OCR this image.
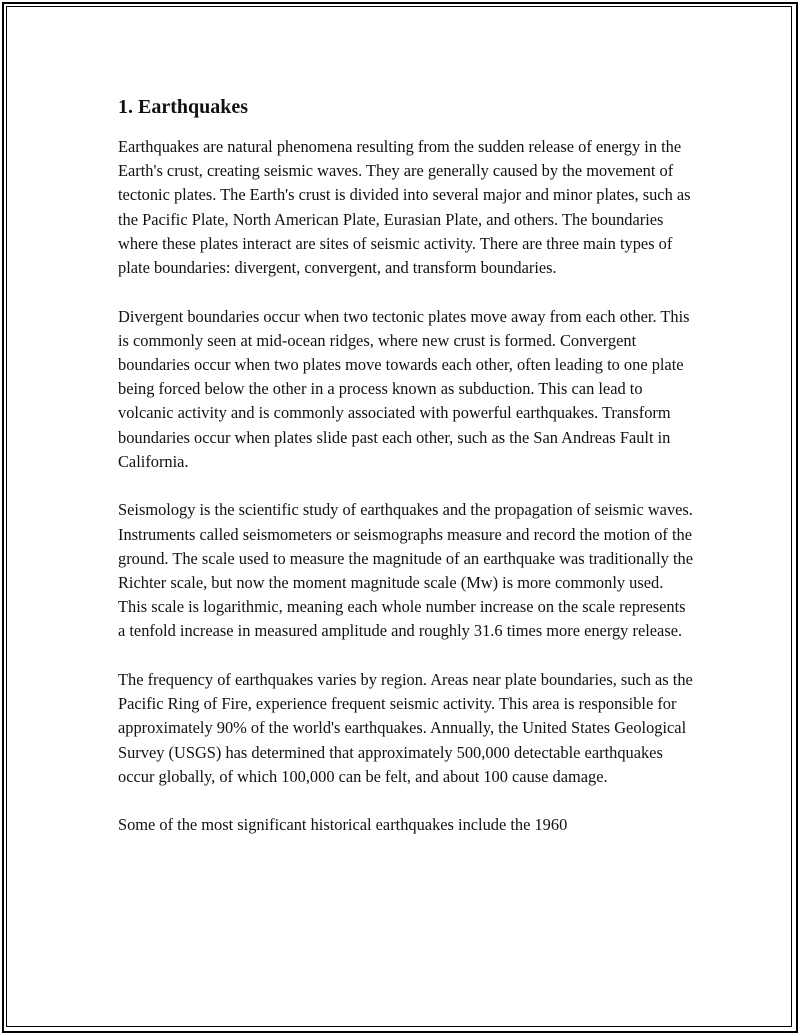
1. Earthquakes

Earthquakes are natural phenomena resulting from the sudden release of energy in the Earth's crust, creating seismic waves. They are generally caused by the movement of tectonic plates. The Earth's crust is divided into several major and minor plates, such as the Pacific Plate, North American Plate, Eurasian Plate, and others. The boundaries where these plates interact are sites of seismic activity. There are three main types of plate boundaries: divergent, convergent, and transform boundaries.

Divergent boundaries occur when two tectonic plates move away from each other. This is commonly seen at mid-ocean ridges, where new crust is formed. Convergent boundaries occur when two plates move towards each other, often leading to one plate being forced below the other in a process known as subduction. This can lead to volcanic activity and is commonly associated with powerful earthquakes. Transform boundaries occur when plates slide past each other, such as the San Andreas Fault in California.

Seismology is the scientific study of earthquakes and the propagation of seismic waves. Instruments called seismometers or seismographs measure and record the motion of the ground. The scale used to measure the magnitude of an earthquake was traditionally the Richter scale, but now the moment magnitude scale (Mw) is more commonly used. This scale is logarithmic, meaning each whole number increase on the scale represents a tenfold increase in measured amplitude and roughly 31.6 times more energy release.

The frequency of earthquakes varies by region. Areas near plate boundaries, such as the Pacific Ring of Fire, experience frequent seismic activity. This area is responsible for approximately 90% of the world's earthquakes. Annually, the United States Geological Survey (USGS) has determined that approximately 500,000 detectable earthquakes occur globally, of which 100,000 can be felt, and about 100 cause damage.

Some of the most significant historical earthquakes include the 1960
